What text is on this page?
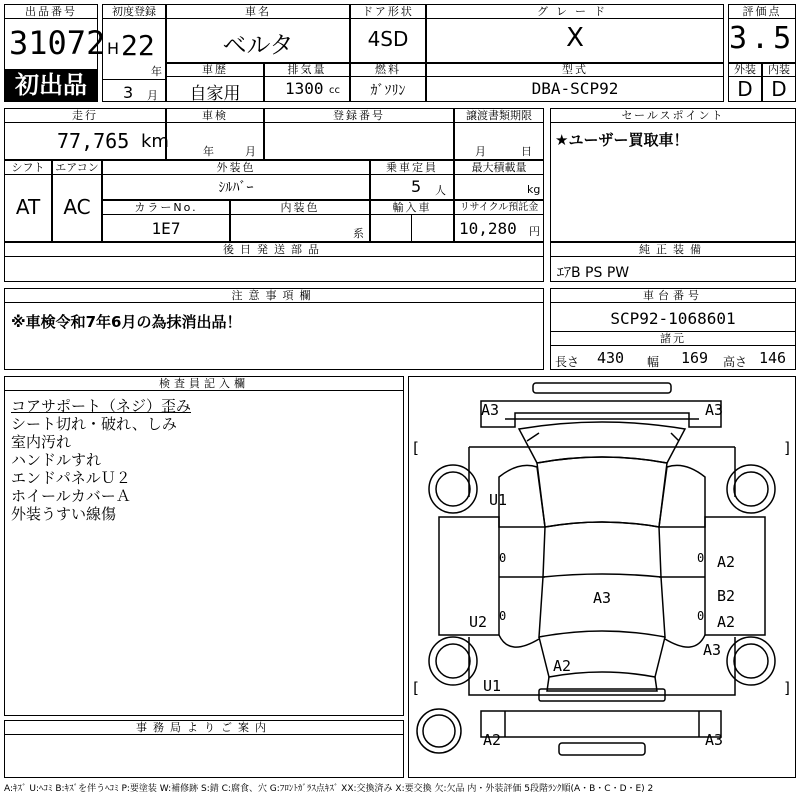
出品番号
31072
初出品
初度登録
H 22
年
3 月
車名
ベルタ
ドア形状
4SD
グレード
X
評価点
3.5
車歴
自家用
排気量
1300 cc
燃料
ｶﾞｿﾘﾝ
型式
DBA-SCP92
外装
D
内装
D
走行
77,765 km
車検
年	月
登録番号	譲渡書類期限
月	日
セールスポイント
★ユーザー買取車！
シフト
AT
エアコン
AC
外装色
ｼﾙﾊﾞｰ
乗車定員
5 人
最大積載量
kg
カラーNo.
1E7
内装色
系
輸入車	リサイクル預託金
10,280 円
後日発送部品	純正装備
ｴｱB PS PW
注意事項欄
※車検令和7年6月の為抹消出品！
車台番号
SCP92-1068601
諸元
長さ 430 幅 169 高さ 146
検査員記入欄
コアサポート（ネジ）歪み
シート切れ・破れ、しみ
室内汚れ
ハンドルすれ
エンドパネルＵ２
ホイールカバーＡ
外装うすい線傷
事務局よりご案内
A3	A3
U1
A2
A3	B2
U2	A2
A3
A2
U1
A2	A3
[	]
[	]
0	0
0	0
A:ｷｽﾞ U:ﾍｺﾐ B:ｷｽﾞを伴うﾍｺﾐ P:要塗装 W:補修跡 S:錆 C:腐食、穴 G:ﾌﾛﾝﾄｶﾞﾗｽ点ｷｽﾞ XX:交換済み X:要交換 欠:欠品 内・外装評価 5段階ﾗﾝｸ順(A・B・C・D・E) 2
